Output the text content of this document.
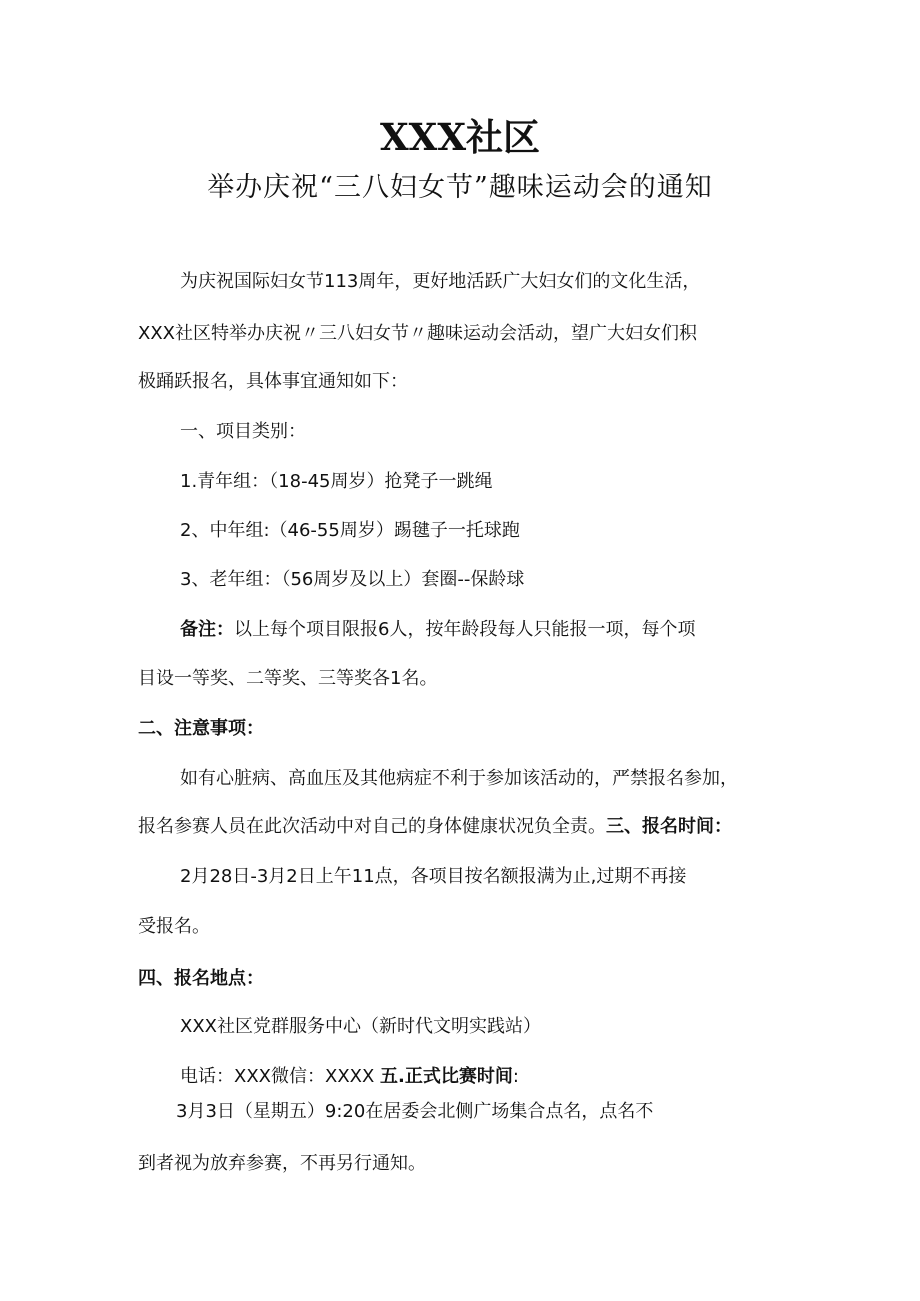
XXX社区
举办庆祝“三八妇女节”趣味运动会的通知

为庆祝国际妇女节113周年，更好地活跃广大妇女们的文化生活，

XXX社区特举办庆祝〃三八妇女节〃趣味运动会活动，望广大妇女们积

极踊跃报名，具体事宜通知如下：

一、项目类别：

1.青年组：（18-45周岁）抢凳子一跳绳

2、中年组:（46-55周岁）踢毽子一托球跑

3、老年组：（56周岁及以上）套圈--保龄球

备注：以上每个项目限报6人，按年龄段每人只能报一项，每个项

目设一等奖、二等奖、三等奖各1名。

二、注意事项：

如有心脏病、高血压及其他病症不利于参加该活动的，严禁报名参加，

报名参赛人员在此次活动中对自己的身体健康状况负全责。三、报名时间：

2月28日-3月2日上午11点，各项目按名额报满为止,过期不再接

受报名。

四、报名地点：

XXX社区党群服务中心（新时代文明实践站）

电话：XXX微信：XXXX 五.正式比赛时间:

3月3日（星期五）9:20在居委会北侧广场集合点名，点名不

到者视为放弃参赛，不再另行通知。
